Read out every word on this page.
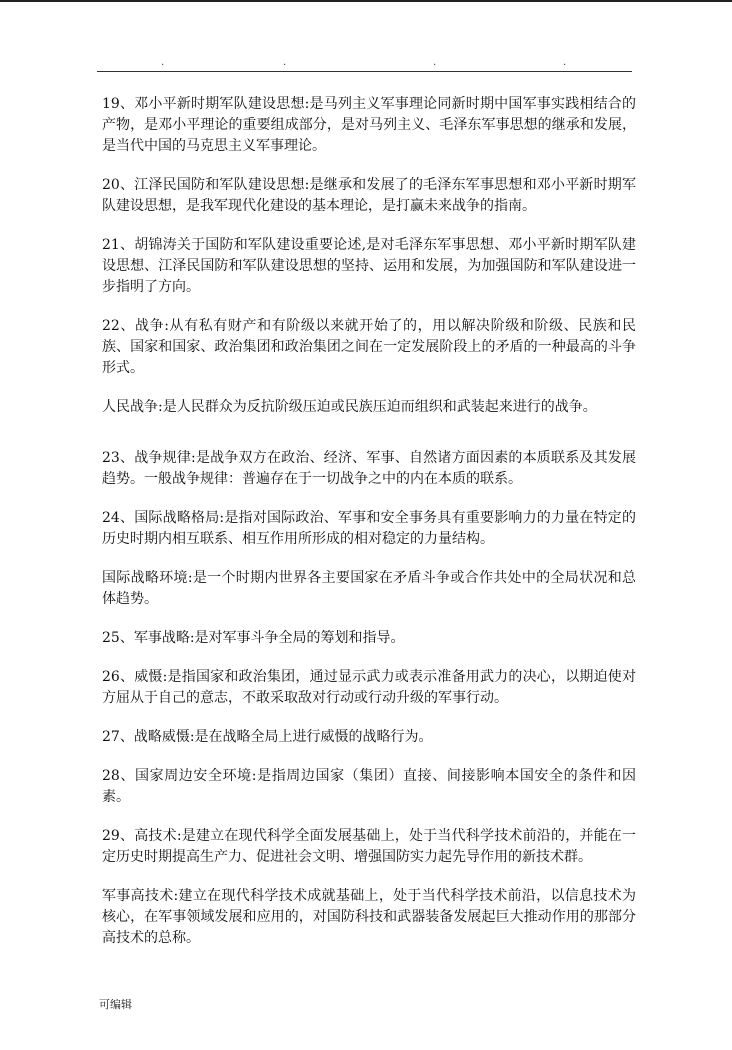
.	.	.	.

19、邓小平新时期军队建设思想:是马列主义军事理论同新时期中国军事实践相结合的产物，是邓小平理论的重要组成部分，是对马列主义、毛泽东军事思想的继承和发展，是当代中国的马克思主义军事理论。

20、江泽民国防和军队建设思想:是继承和发展了的毛泽东军事思想和邓小平新时期军队建设思想，是我军现代化建设的基本理论，是打赢未来战争的指南。

21、胡锦涛关于国防和军队建设重要论述,是对毛泽东军事思想、邓小平新时期军队建设思想、江泽民国防和军队建设思想的坚持、运用和发展，为加强国防和军队建设进一步指明了方向。

22、战争:从有私有财产和有阶级以来就开始了的，用以解决阶级和阶级、民族和民族、国家和国家、政治集团和政治集团之间在一定发展阶段上的矛盾的一种最高的斗争形式。

人民战争:是人民群众为反抗阶级压迫或民族压迫而组织和武装起来进行的战争。

23、战争规律:是战争双方在政治、经济、军事、自然诸方面因素的本质联系及其发展趋势。一般战争规律：普遍存在于一切战争之中的内在本质的联系。

24、国际战略格局:是指对国际政治、军事和安全事务具有重要影响力的力量在特定的历史时期内相互联系、相互作用所形成的相对稳定的力量结构。

国际战略环境:是一个时期内世界各主要国家在矛盾斗争或合作共处中的全局状况和总体趋势。

25、军事战略:是对军事斗争全局的筹划和指导。

26、威慑:是指国家和政治集团，通过显示武力或表示准备用武力的决心，以期迫使对方屈从于自己的意志，不敢采取敌对行动或行动升级的军事行动。

27、战略威慑:是在战略全局上进行威慑的战略行为。

28、国家周边安全环境:是指周边国家（集团）直接、间接影响本国安全的条件和因素。

29、高技术:是建立在现代科学全面发展基础上，处于当代科学技术前沿的，并能在一定历史时期提高生产力、促进社会文明、增强国防实力起先导作用的新技术群。

军事高技术:建立在现代科学技术成就基础上，处于当代科学技术前沿，以信息技术为核心，在军事领域发展和应用的，对国防科技和武器装备发展起巨大推动作用的那部分高技术的总称。

可编辑
